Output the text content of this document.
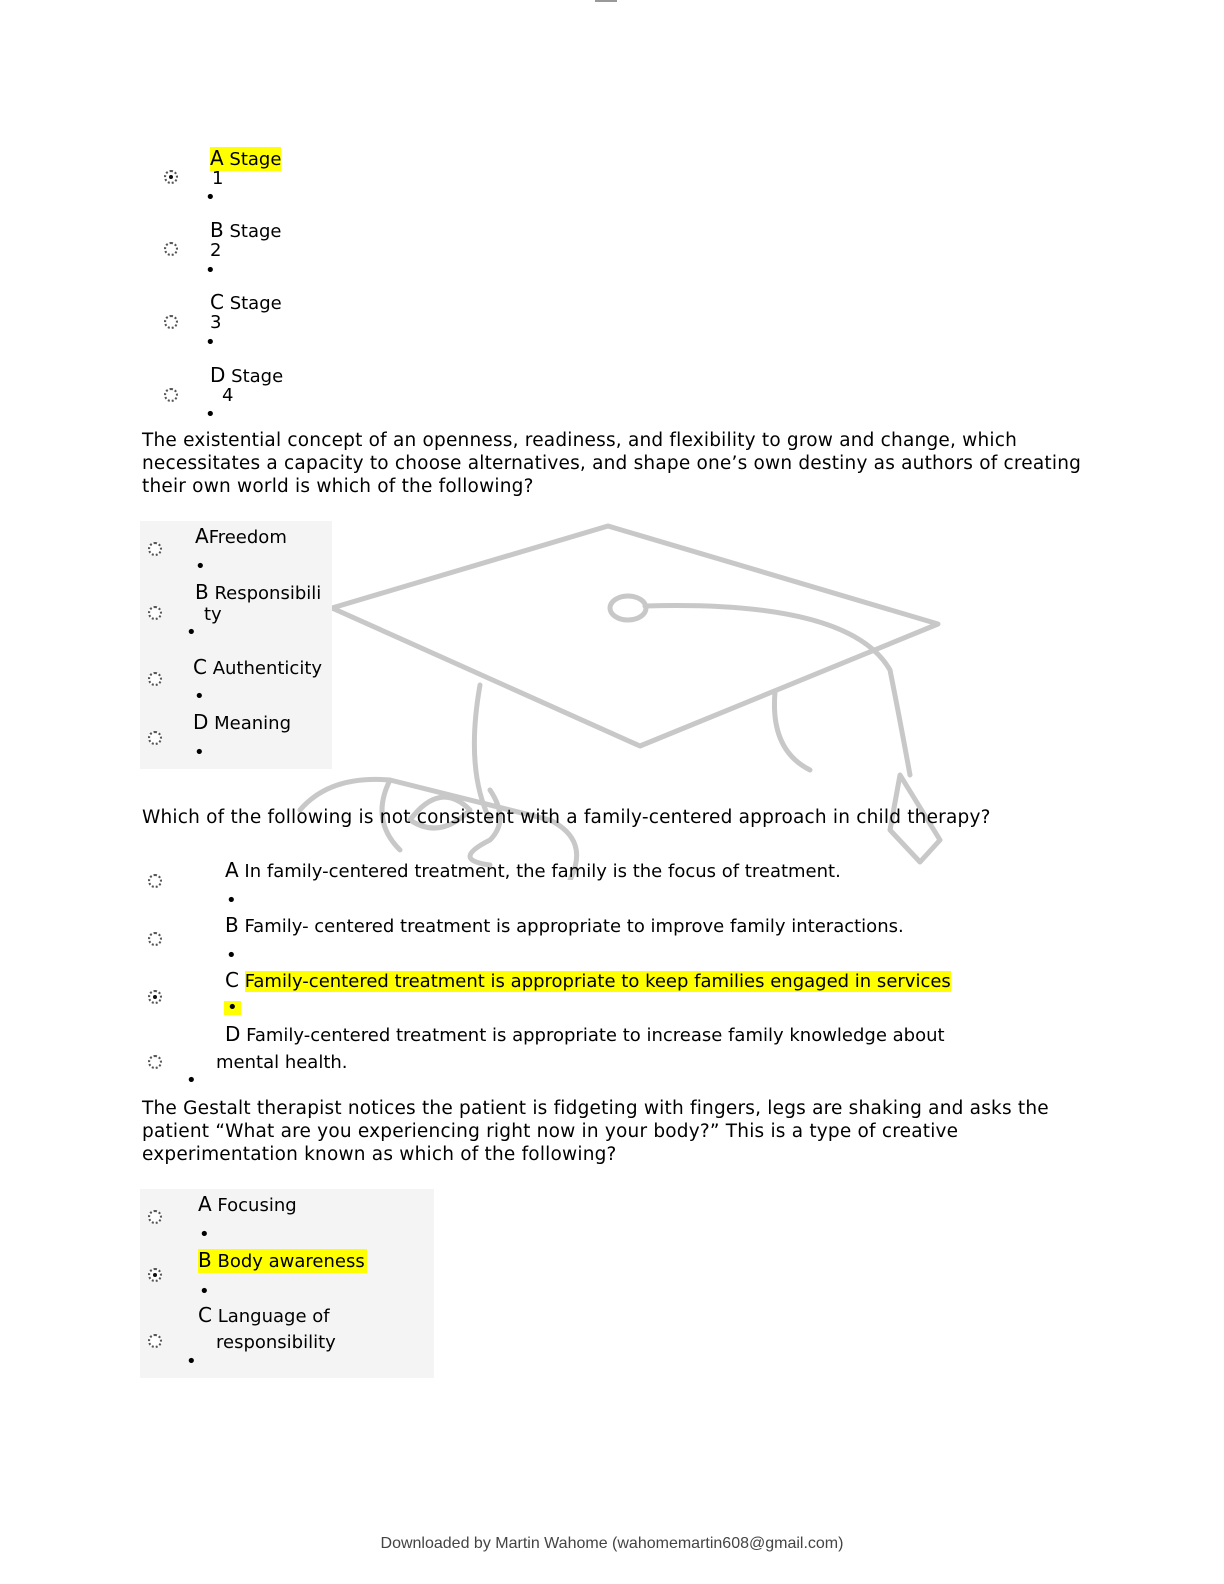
A Stage
1
•
B Stage
2
•
C Stage
3
•
D Stage
4
•
The existential concept of an openness, readiness, and flexibility to grow and change, which necessitates a capacity to choose alternatives, and shape one’s own destiny as authors of creating their own world is which of the following?
AFreedom
•
B Responsibili
ty
•
C Authenticity
•
D Meaning
•
Which of the following is not consistent with a family-centered approach in child therapy?
A In family-centered treatment, the family is the focus of treatment.
•
B Family- centered treatment is appropriate to improve family interactions.
•
C Family-centered treatment is appropriate to keep families engaged in services
•
D Family-centered treatment is appropriate to increase family knowledge about
mental health.
•
The Gestalt therapist notices the patient is fidgeting with fingers, legs are shaking and asks the patient “What are you experiencing right now in your body?” This is a type of creative experimentation known as which of the following?
A Focusing
•
B Body awareness
•
C Language of
responsibility
•
Downloaded by Martin Wahome (wahomemartin608@gmail.com)
